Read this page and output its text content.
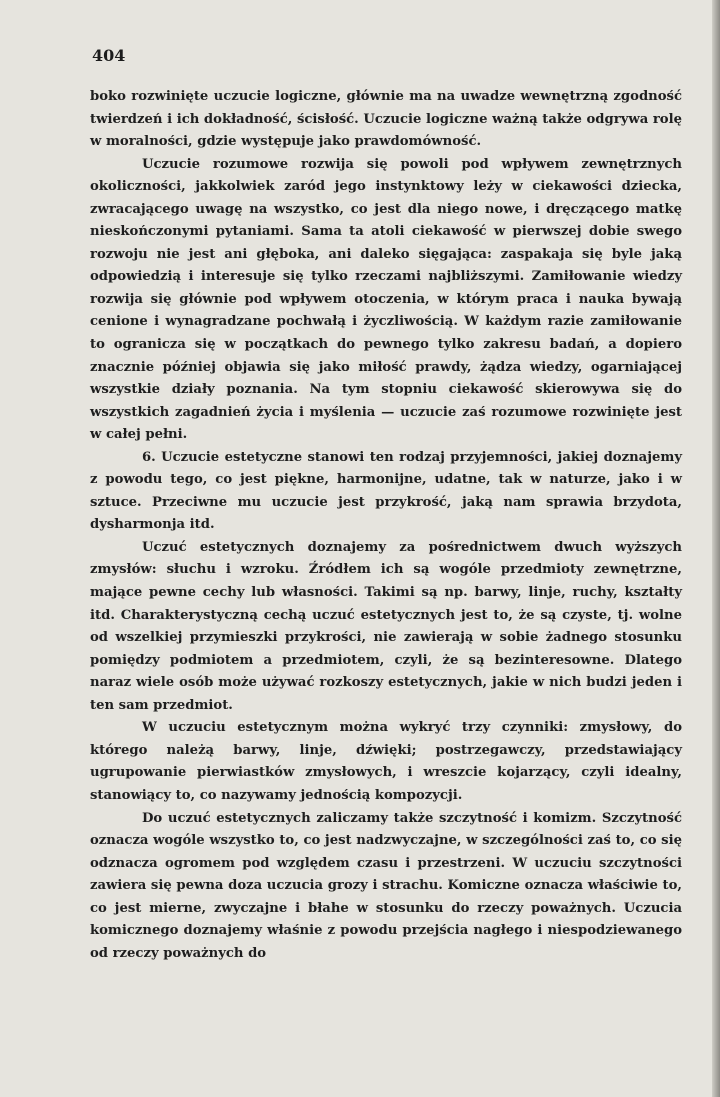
404

boko rozwinięte uczucie logiczne, głównie ma na uwadze wewnętrzną zgodność twierdzeń i ich dokładność, ścisłość. Uczucie logiczne ważną także odgrywa rolę w moralności, gdzie występuje jako prawdomówność.

Uczucie rozumowe rozwija się powoli pod wpływem zewnętrznych okoliczności, jakkolwiek zaród jego instynktowy leży w ciekawości dziecka, zwracającego uwagę na wszystko, co jest dla niego nowe, i dręczącego matkę nieskończonymi pytaniami. Sama ta atoli ciekawość w pierwszej dobie swego rozwoju nie jest ani głęboka, ani daleko sięgająca: zaspakaja się byle jaką odpowiedzią i interesuje się tylko rzeczami najbliższymi. Zamiłowanie wiedzy rozwija się głównie pod wpływem otoczenia, w którym praca i nauka bywają cenione i wynagradzane pochwałą i życzliwością. W każdym razie zamiłowanie to ogranicza się w początkach do pewnego tylko zakresu badań, a dopiero znacznie później objawia się jako miłość prawdy, żądza wiedzy, ogarniającej wszystkie działy poznania. Na tym stopniu ciekawość skierowywa się do wszystkich zagadnień życia i myślenia — uczucie zaś rozumowe rozwinięte jest w całej pełni.

6. Uczucie estetyczne stanowi ten rodzaj przyjemności, jakiej doznajemy z powodu tego, co jest piękne, harmonijne, udatne, tak w naturze, jako i w sztuce. Przeciwne mu uczucie jest przykrość, jaką nam sprawia brzydota, dysharmonja itd.

Uczuć estetycznych doznajemy za pośrednictwem dwuch wyższych zmysłów: słuchu i wzroku. Źródłem ich są wogóle przedmioty zewnętrzne, mające pewne cechy lub własności. Takimi są np. barwy, linje, ruchy, kształty itd. Charakterystyczną cechą uczuć estetycznych jest to, że są czyste, tj. wolne od wszelkiej przymieszki przykrości, nie zawierają w sobie żadnego stosunku pomiędzy podmiotem a przedmiotem, czyli, że są bezinteresowne. Dlatego naraz wiele osób może używać rozkoszy estetycznych, jakie w nich budzi jeden i ten sam przedmiot.

W uczuciu estetycznym można wykryć trzy czynniki: zmysłowy, do którego należą barwy, linje, dźwięki; postrzegawczy, przedstawiający ugrupowanie pierwiastków zmysłowych, i wreszcie kojarzący, czyli idealny, stanowiący to, co nazywamy jednością kompozycji.

Do uczuć estetycznych zaliczamy także szczytność i komizm. Szczytność oznacza wogóle wszystko to, co jest nadzwyczajne, w szczególności zaś to, co się odznacza ogromem pod względem czasu i przestrzeni. W uczuciu szczytności zawiera się pewna doza uczucia grozy i strachu. Komiczne oznacza właściwie to, co jest mierne, zwyczajne i błahe w stosunku do rzeczy poważnych. Uczucia komicznego doznajemy właśnie z powodu przejścia nagłego i niespodziewanego od rzeczy poważnych do
